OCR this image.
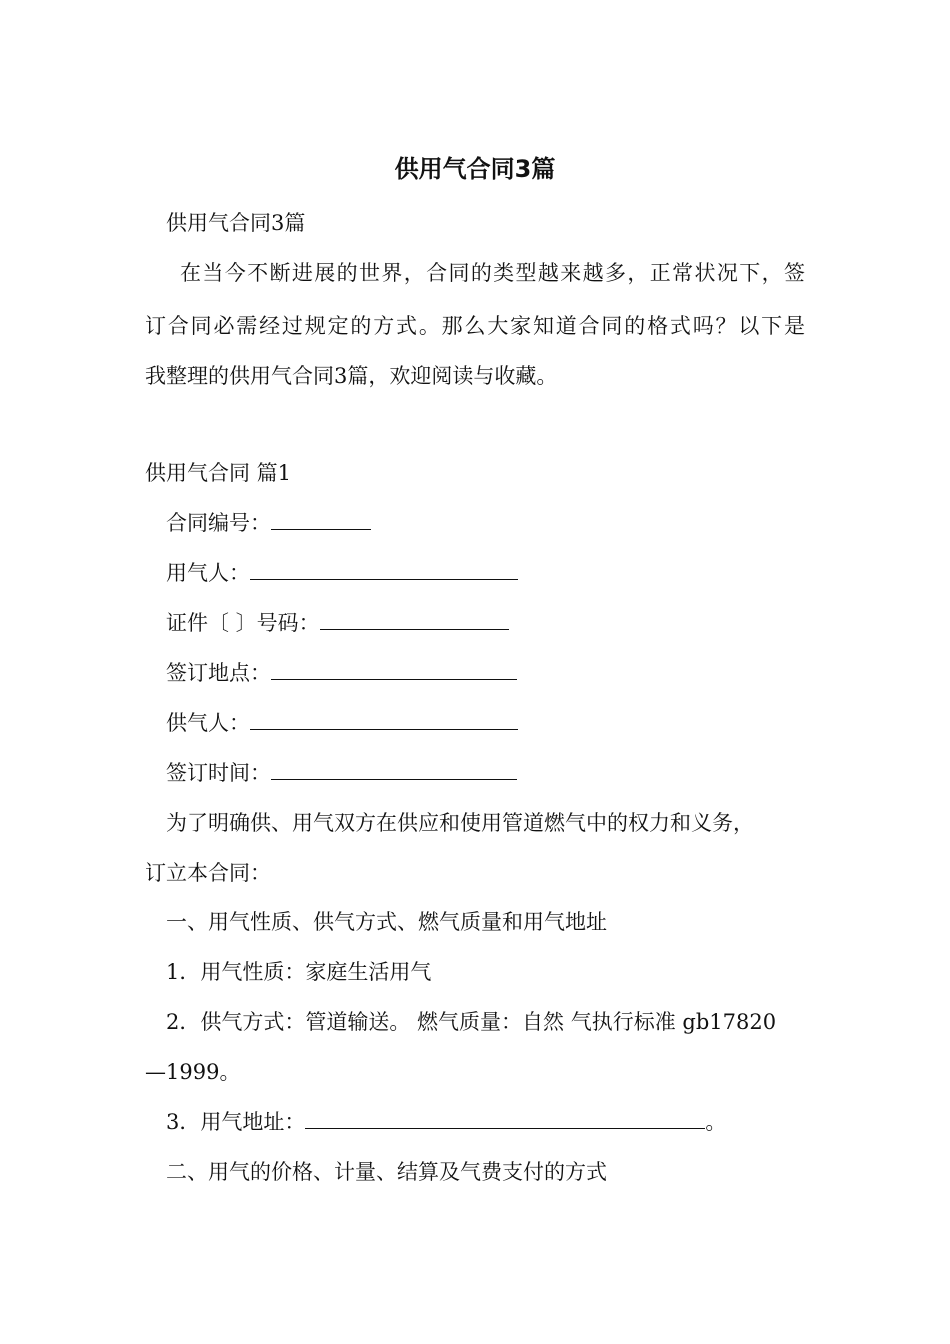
供用气合同3篇
供用气合同3篇
在当今不断进展的世界，合同的类型越来越多，正常状况下，签
订合同必需经过规定的方式。那么大家知道合同的格式吗？以下是
我整理的供用气合同3篇，欢迎阅读与收藏。
供用气合同 篇1
合同编号：
用气人：
证件〔 〕号码：
签订地点：
供气人：
签订时间：
为了明确供、用气双方在供应和使用管道燃气中的权力和义务，
订立本合同：
一、用气性质、供气方式、燃气质量和用气地址
1．用气性质：家庭生活用气
2．供气方式：管道输送。 燃气质量：自然 气执行标准 gb17820
—1999。
3．用气地址：	。
二、用气的价格、计量、结算及气费支付的方式
